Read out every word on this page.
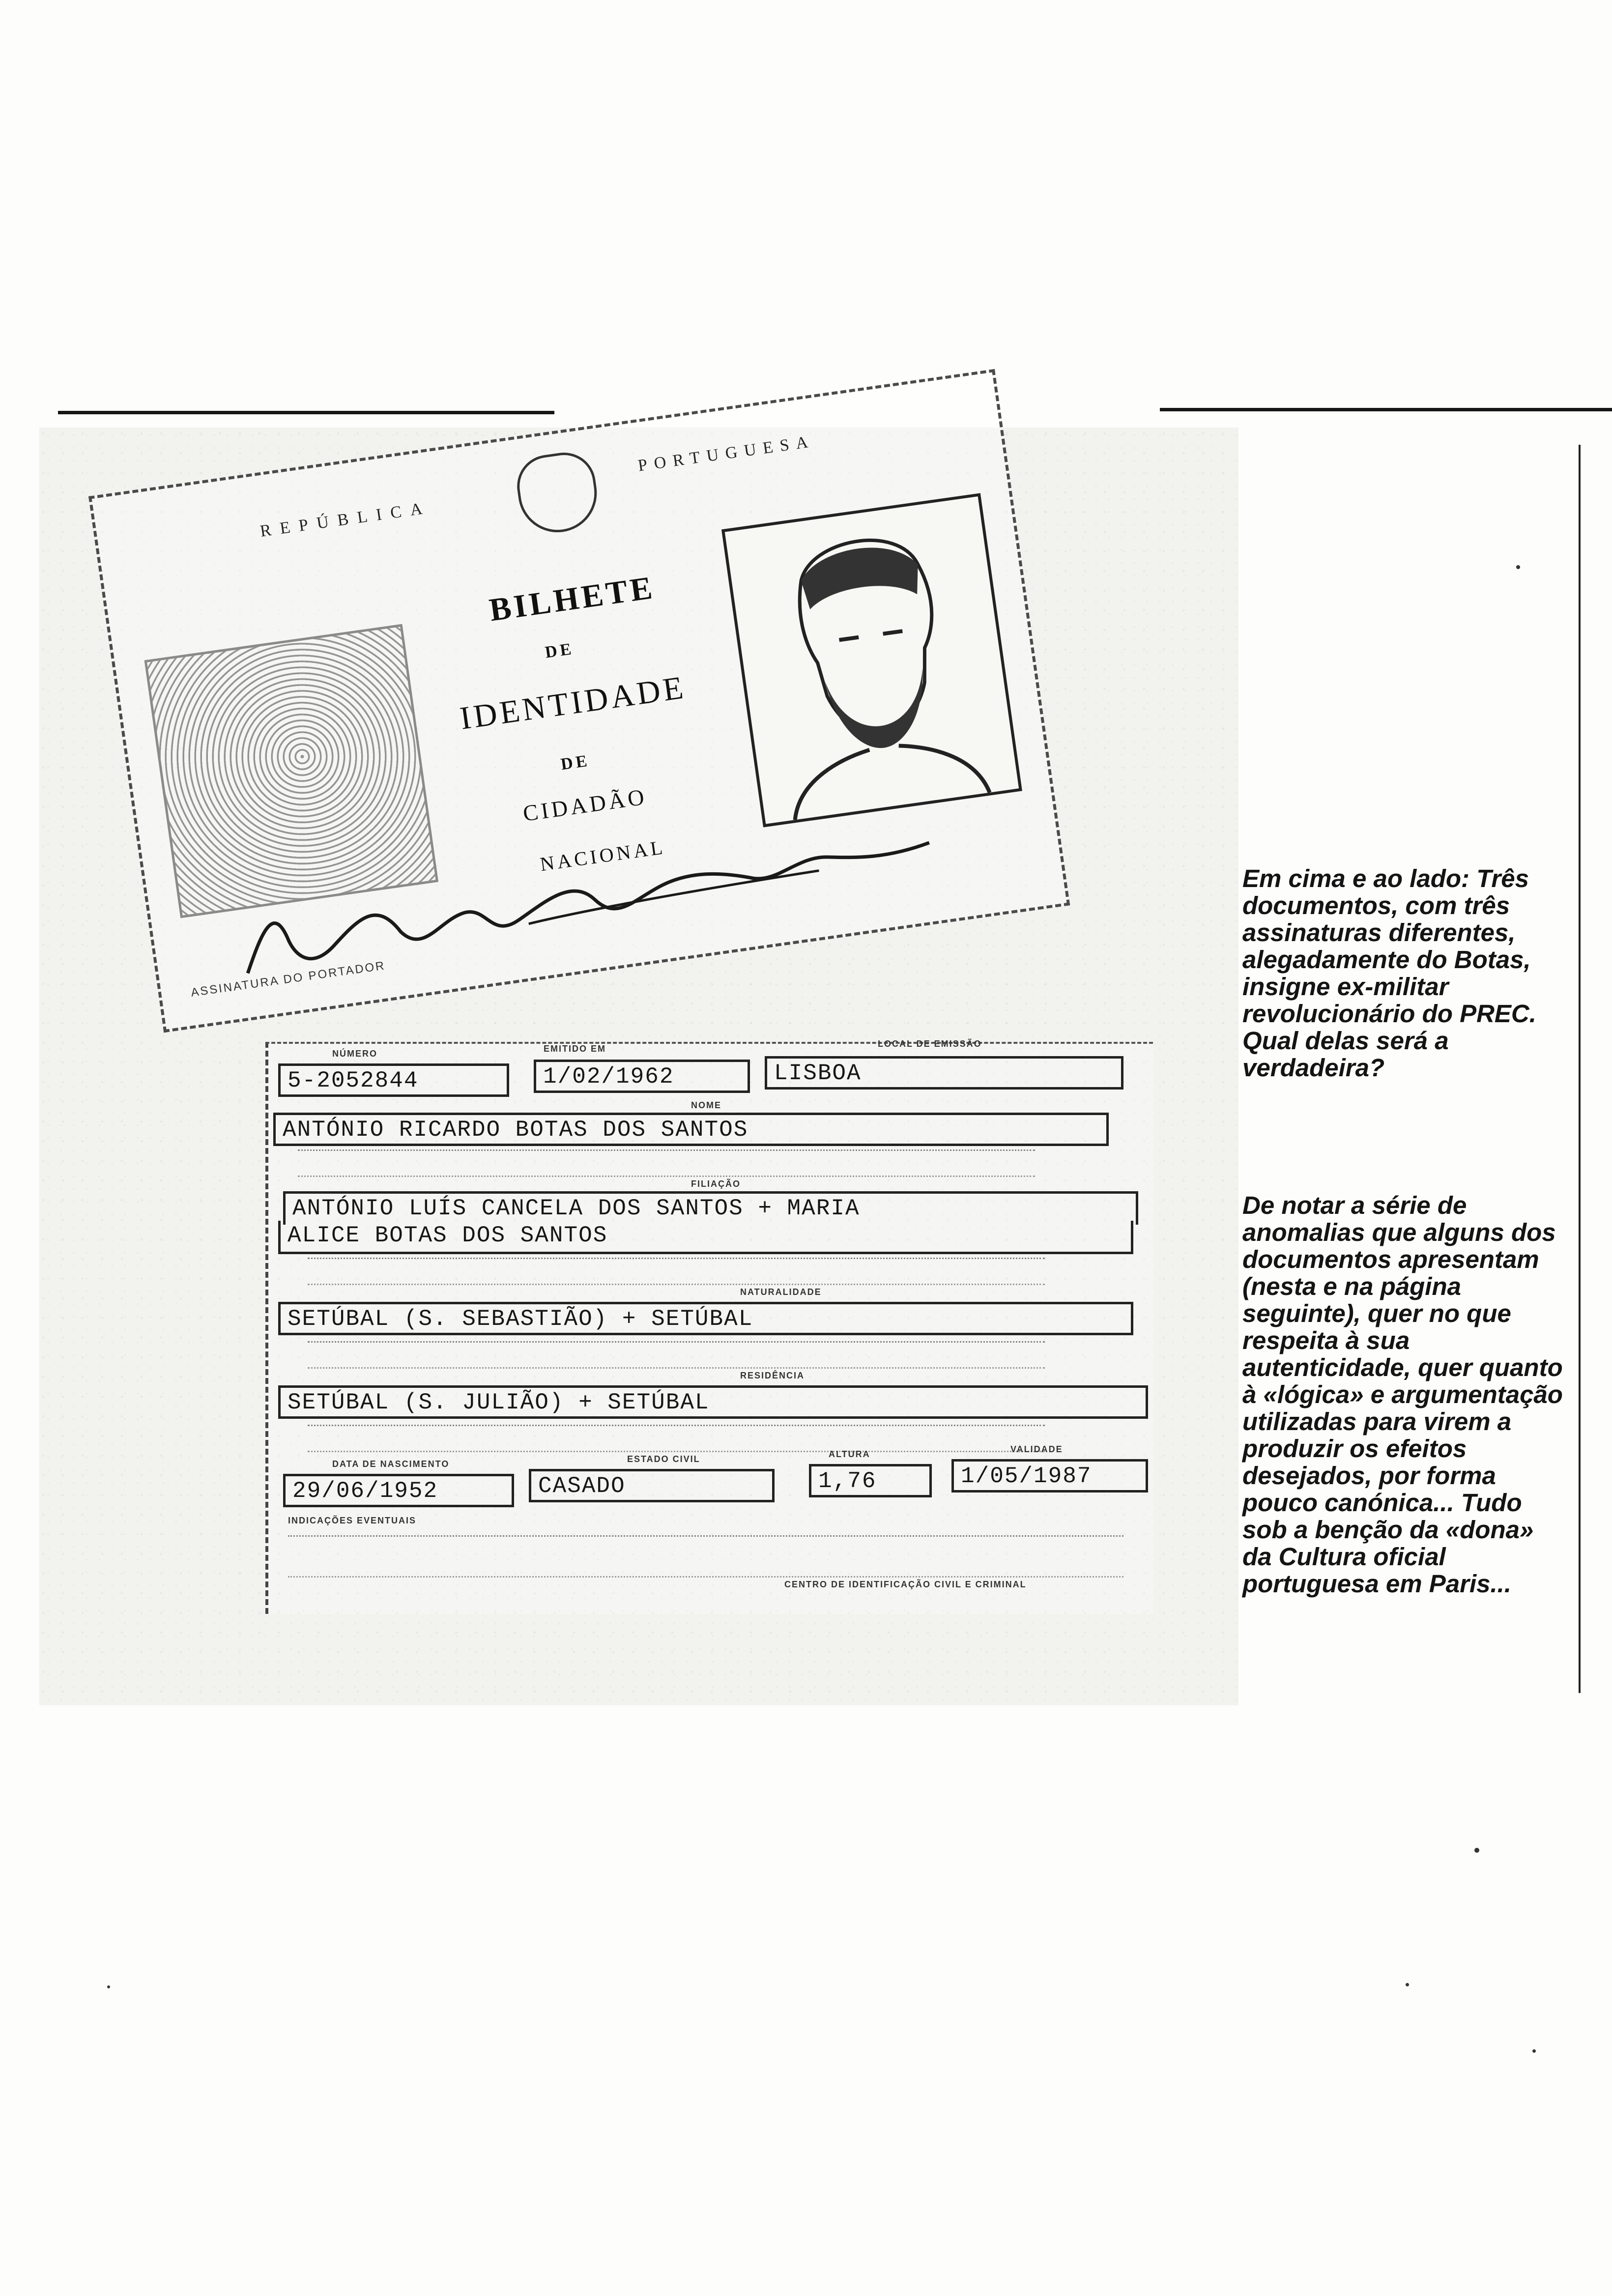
REPÚBLICA
PORTUGUESA
BILHETE
DE
IDENTIDADE
DE
CIDADÃO
NACIONAL
ASSINATURA DO PORTADOR
NÚMERO	EMITIDO EM	LOCAL DE EMISSÃO
5-2052844	1/02/1962	LISBOA
NOME
ANTÓNIO RICARDO BOTAS DOS SANTOS
FILIAÇÃO
ANTÓNIO LUÍS CANCELA DOS SANTOS + MARIA
ALICE BOTAS DOS SANTOS
NATURALIDADE
SETÚBAL (S. SEBASTIÃO) + SETÚBAL
RESIDÊNCIA
SETÚBAL (S. JULIÃO) + SETÚBAL
DATA DE NASCIMENTO	ESTADO CIVIL	ALTURA	VALIDADE
29/06/1952	CASADO	1,76	1/05/1987
INDICAÇÕES EVENTUAIS
CENTRO DE IDENTIFICAÇÃO CIVIL E CRIMINAL
Em cima e ao lado: Três documentos, com três assinaturas diferentes, alegadamente do Botas, insigne ex-militar revolucionário do PREC. Qual delas será a verdadeira?
De notar a série de anomalias que alguns dos documentos apresentam (nesta e na página seguinte), quer no que respeita à sua autenticidade, quer quanto à «lógica» e argumentação utilizadas para virem a produzir os efeitos desejados, por forma pouco canónica... Tudo sob a benção da «dona» da Cultura oficial portuguesa em Paris...
